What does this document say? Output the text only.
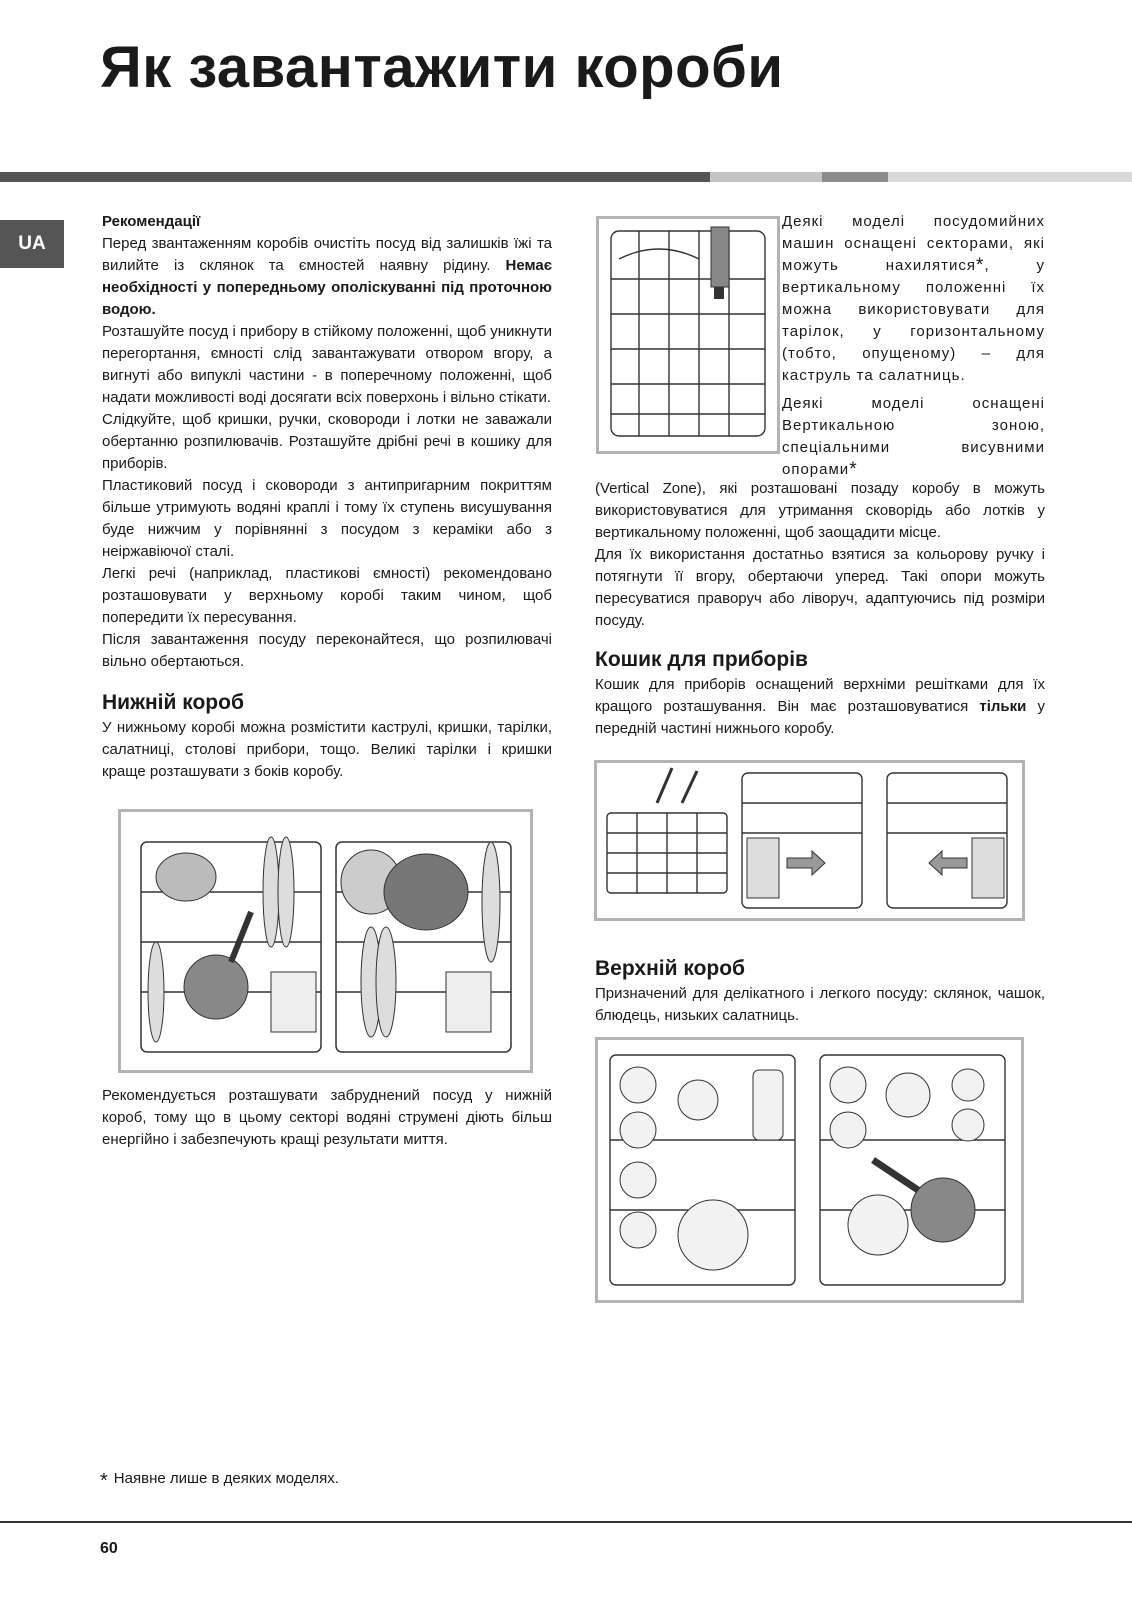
Як завантажити короби
UA
Рекомендації

Перед звантаженням коробів очистіть посуд від залишків їжі та вилийте із склянок та ємностей наявну рідину. Немає необхідності у попередньому ополіскуванні під проточною водою.

Розташуйте посуд і прибору в стійкому положенні, щоб уникнути перегортання, ємності слід завантажувати отвором вгору, а вигнуті або випуклі частини - в поперечному положенні, щоб надати можливості воді досягати всіх поверхонь і вільно стікати.

Слідкуйте, щоб кришки, ручки, сковороди і лотки не заважали обертанню розпилювачів. Розташуйте дрібні речі в кошику для приборів.

Пластиковий посуд і сковороди з антипригарним покриттям більше утримують водяні краплі і тому їх ступень висушування буде нижчим у порівнянні з посудом з кераміки або з неіржавіючої сталі.

Легкі речі (наприклад, пластикові ємності) рекомендовано розташовувати у верхньому коробі таким чином, щоб попередити їх пересування.

Після завантаження посуду переконайтеся, що розпилювачі вільно обертаються.

Нижній короб

У нижньому коробі можна розмістити каструлі, кришки, тарілки, салатниці, столові прибори, тощо. Великі тарілки і кришки краще розташувати з боків коробу.

Рекомендується розташувати забруднений посуд у нижній короб, тому що в цьому секторі водяні струмені діють більш енергійно і забезпечують кращі результати миття.

Деякі моделі посудомийних машин оснащені секторами, які можуть нахилятися*, у вертикальному положенні їх можна використовувати для тарілок, у горизонтальному (тобто, опущеному) – для каструль та салатниць.

Деякі моделі оснащені Вертикальною зоною, спеціальними висувними опорами*

(Vertical Zone), які розташовані позаду коробу в можуть використовуватися для утримання сковорідь або лотків у вертикальному положенні, щоб заощадити місце.

Для їх використання достатньо взятися за кольорову ручку і потягнути її вгору, обертаючи уперед. Такі опори можуть пересуватися праворуч або ліворуч, адаптуючись під розміри посуду.

Кошик для приборів

Кошик для приборів оснащений верхніми решітками для їх кращого розташування. Він має розташовуватися тільки у передній частині нижнього коробу.

Верхній короб

Призначений для делікатного і легкого посуду: склянок, чашок, блюдець, низьких салатниць.

* Наявне лише в деяких моделях.
60
